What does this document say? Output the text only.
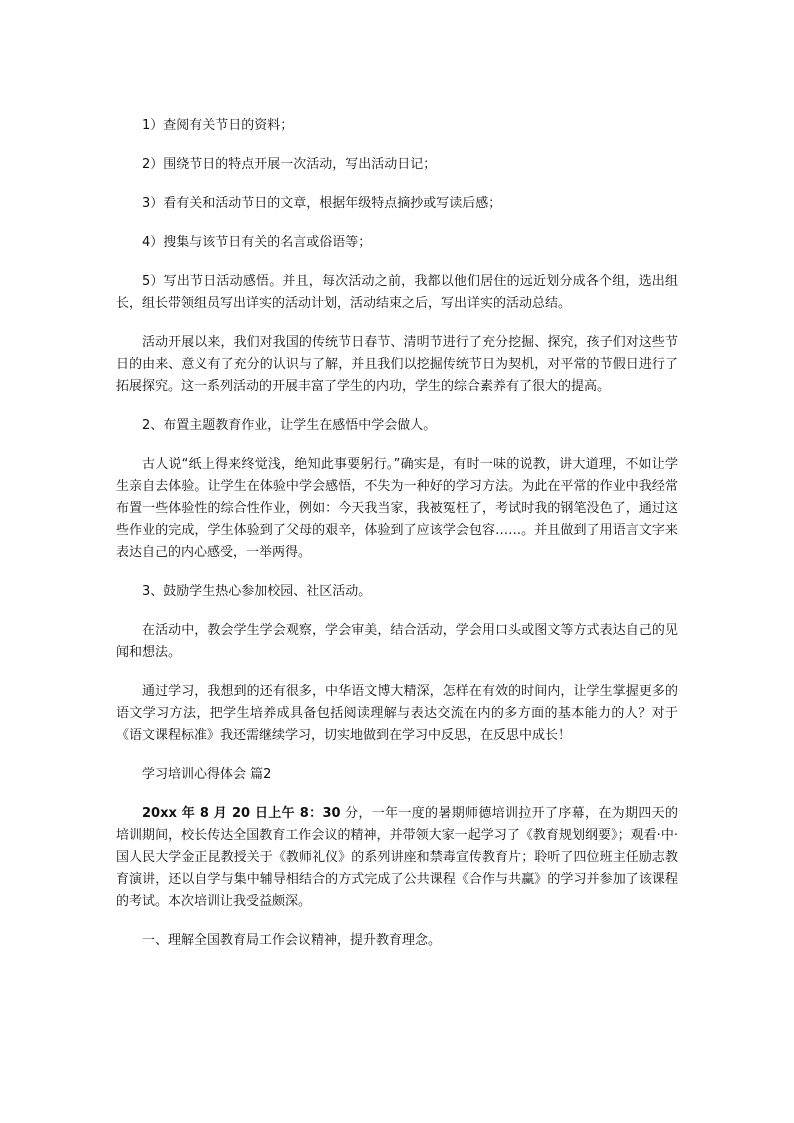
1）查阅有关节日的资料；

2）围绕节日的特点开展一次活动，写出活动日记；

3）看有关和活动节日的文章，根据年级特点摘抄或写读后感；

4）搜集与该节日有关的名言或俗语等；

5）写出节日活动感悟。并且，每次活动之前，我都以他们居住的远近划分成各个组，选出组长，组长带领组员写出详实的活动计划，活动结束之后，写出详实的活动总结。

活动开展以来，我们对我国的传统节日春节、清明节进行了充分挖掘、探究，孩子们对这些节日的由来、意义有了充分的认识与了解，并且我们以挖掘传统节日为契机，对平常的节假日进行了拓展探究。这一系列活动的开展丰富了学生的内功，学生的综合素养有了很大的提高。

2、布置主题教育作业，让学生在感悟中学会做人。

古人说“纸上得来终觉浅，绝知此事要躬行。”确实是，有时一味的说教，讲大道理，不如让学生亲自去体验。让学生在体验中学会感悟，不失为一种好的学习方法。为此在平常的作业中我经常布置一些体验性的综合性作业，例如：今天我当家，我被冤枉了，考试时我的钢笔没色了，通过这些作业的完成，学生体验到了父母的艰辛，体验到了应该学会包容……。并且做到了用语言文字来表达自己的内心感受，一举两得。

3、鼓励学生热心参加校园、社区活动。

在活动中，教会学生学会观察，学会审美，结合活动，学会用口头或图文等方式表达自己的见闻和想法。

通过学习，我想到的还有很多，中华语文博大精深，怎样在有效的时间内，让学生掌握更多的语文学习方法，把学生培养成具备包括阅读理解与表达交流在内的多方面的基本能力的人？对于《语文课程标准》我还需继续学习，切实地做到在学习中反思，在反思中成长！

学习培训心得体会 篇2

20xx 年 8 月 20 日上午 8：30 分，一年一度的暑期师德培训拉开了序幕，在为期四天的培训期间，校长传达全国教育工作会议的精神，并带领大家一起学习了《教育规划纲要》；观看·中·国人民大学金正昆教授关于《教师礼仪》的系列讲座和禁毒宣传教育片；聆听了四位班主任励志教育演讲，还以自学与集中辅导相结合的方式完成了公共课程《合作与共赢》的学习并参加了该课程的考试。本次培训让我受益颇深。

一、理解全国教育局工作会议精神，提升教育理念。
